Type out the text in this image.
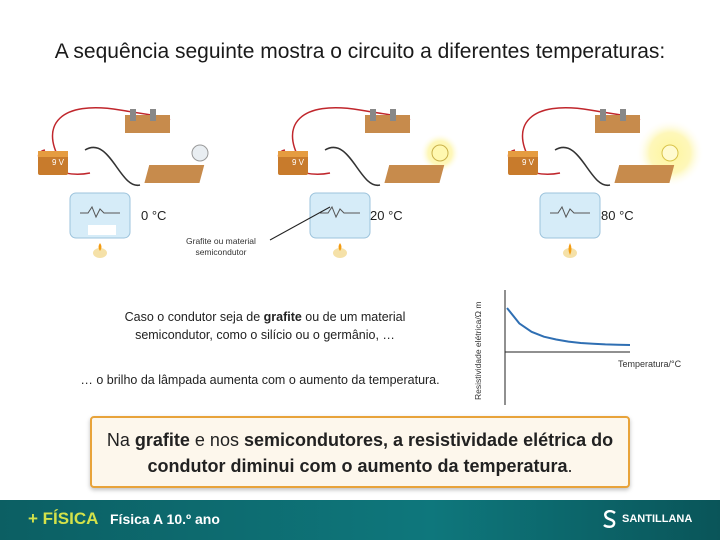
A sequência seguinte mostra o circuito a diferentes temperaturas:
0 °C	20 °C	80 °C
9 V	9 V	9 V
Grafite ou material
semicondutor
Caso o condutor seja de grafite ou de um material semicondutor, como o silício ou o germânio, …
… o brilho da lâmpada aumenta com o aumento da temperatura.	Resistividade elétrica/Ω m	Temperatura/°C
Na grafite e nos semicondutores, a resistividade elétrica do condutor diminui com o aumento da temperatura.
+ FÍSICA Física A 10.º ano	SANTILLANA
